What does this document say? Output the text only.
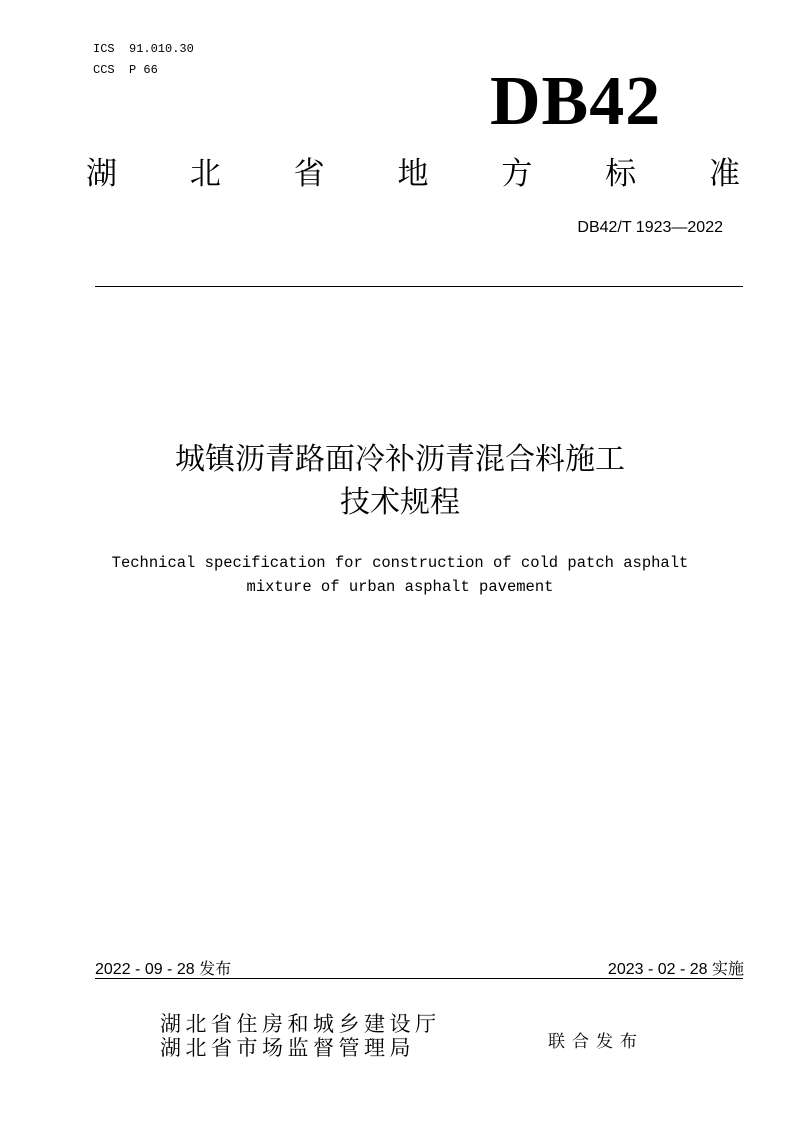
ICS  91.010.30
CCS  P 66	DB42
湖 北 省 地 方 标 准
DB42/T 1923—2022
城镇沥青路面冷补沥青混合料施工
技术规程
Technical specification for construction of cold patch asphalt
mixture of urban asphalt pavement
2022 - 09 - 28 发布	2023 - 02 - 28 实施
湖北省住房和城乡建设厅
湖北省市场监督管理局	联合发布
